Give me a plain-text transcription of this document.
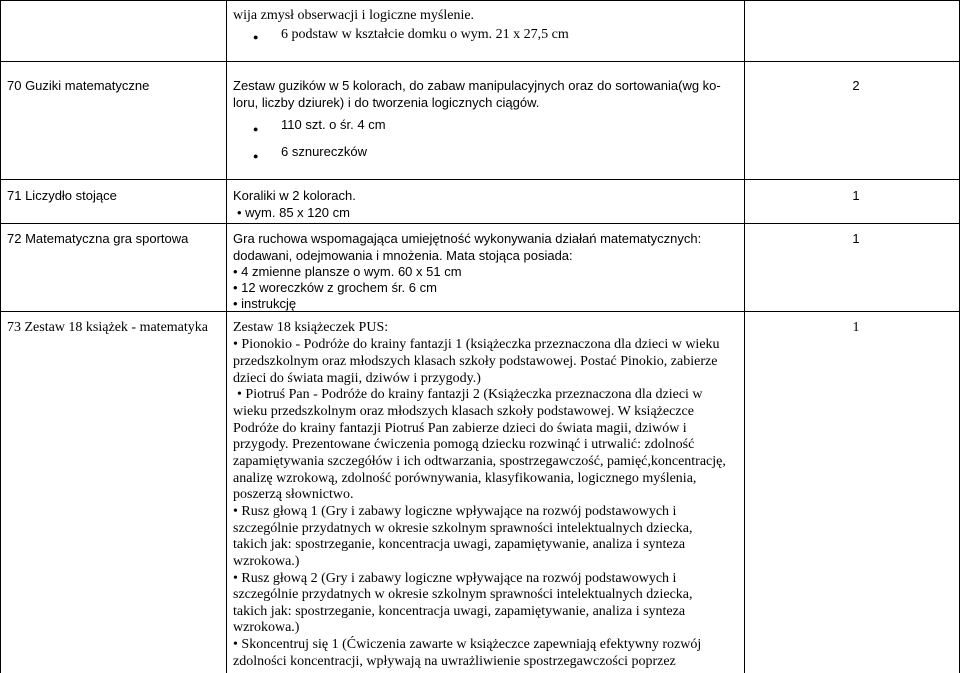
wija zmysł obserwacji i logiczne myślenie.
● 6 podstaw w kształcie domku o wym. 21 x 27,5 cm
70 Guziki matematyczne	Zestaw guzików w 5 kolorach, do zabaw manipulacyjnych oraz do sortowania(wg ko-
loru, liczby dziurek) i do tworzenia logicznych ciągów.
● 110 szt. o śr. 4 cm
● 6 sznureczków
2
71 Liczydło stojące	Koraliki w 2 kolorach.
• wym. 85 x 120 cm
1
72 Matematyczna gra sportowa	Gra ruchowa wspomagająca umiejętność wykonywania działań matematycznych:
dodawani, odejmowania i mnożenia. Mata stojąca posiada:
• 4 zmienne plansze o wym. 60 x 51 cm
• 12 woreczków z grochem śr. 6 cm
• instrukcję
1
73 Zestaw 18 książek - matematyka	Zestaw 18 książeczek PUS:
• Pionokio - Podróże do krainy fantazji 1 (książeczka przeznaczona dla dzieci w wieku
przedszkolnym oraz młodszych klasach szkoły podstawowej. Postać Pinokio, zabierze
dzieci do świata magii, dziwów i przygody.)
• Piotruś Pan - Podróże do krainy fantazji 2 (Książeczka przeznaczona dla dzieci w
wieku przedszkolnym oraz młodszych klasach szkoły podstawowej. W książeczce
Podróże do krainy fantazji Piotruś Pan zabierze dzieci do świata magii, dziwów i
przygody. Prezentowane ćwiczenia pomogą dziecku rozwinąć i utrwalić: zdolność
zapamiętywania szczegółów i ich odtwarzania, spostrzegawczość, pamięć,koncentrację,
analizę wzrokową, zdolność porównywania, klasyfikowania, logicznego myślenia,
poszerzą słownictwo.
• Rusz głową 1 (Gry i zabawy logiczne wpływające na rozwój podstawowych i
szczególnie przydatnych w okresie szkolnym sprawności intelektualnych dziecka,
takich jak: spostrzeganie, koncentracja uwagi, zapamiętywanie, analiza i synteza
wzrokowa.)
• Rusz głową 2 (Gry i zabawy logiczne wpływające na rozwój podstawowych i
szczególnie przydatnych w okresie szkolnym sprawności intelektualnych dziecka,
takich jak: spostrzeganie, koncentracja uwagi, zapamiętywanie, analiza i synteza
wzrokowa.)
• Skoncentruj się 1 (Ćwiczenia zawarte w książeczce zapewniają efektywny rozwój
zdolności koncentracji, wpływają na uwrażliwienie spostrzegawczości poprzez
1
